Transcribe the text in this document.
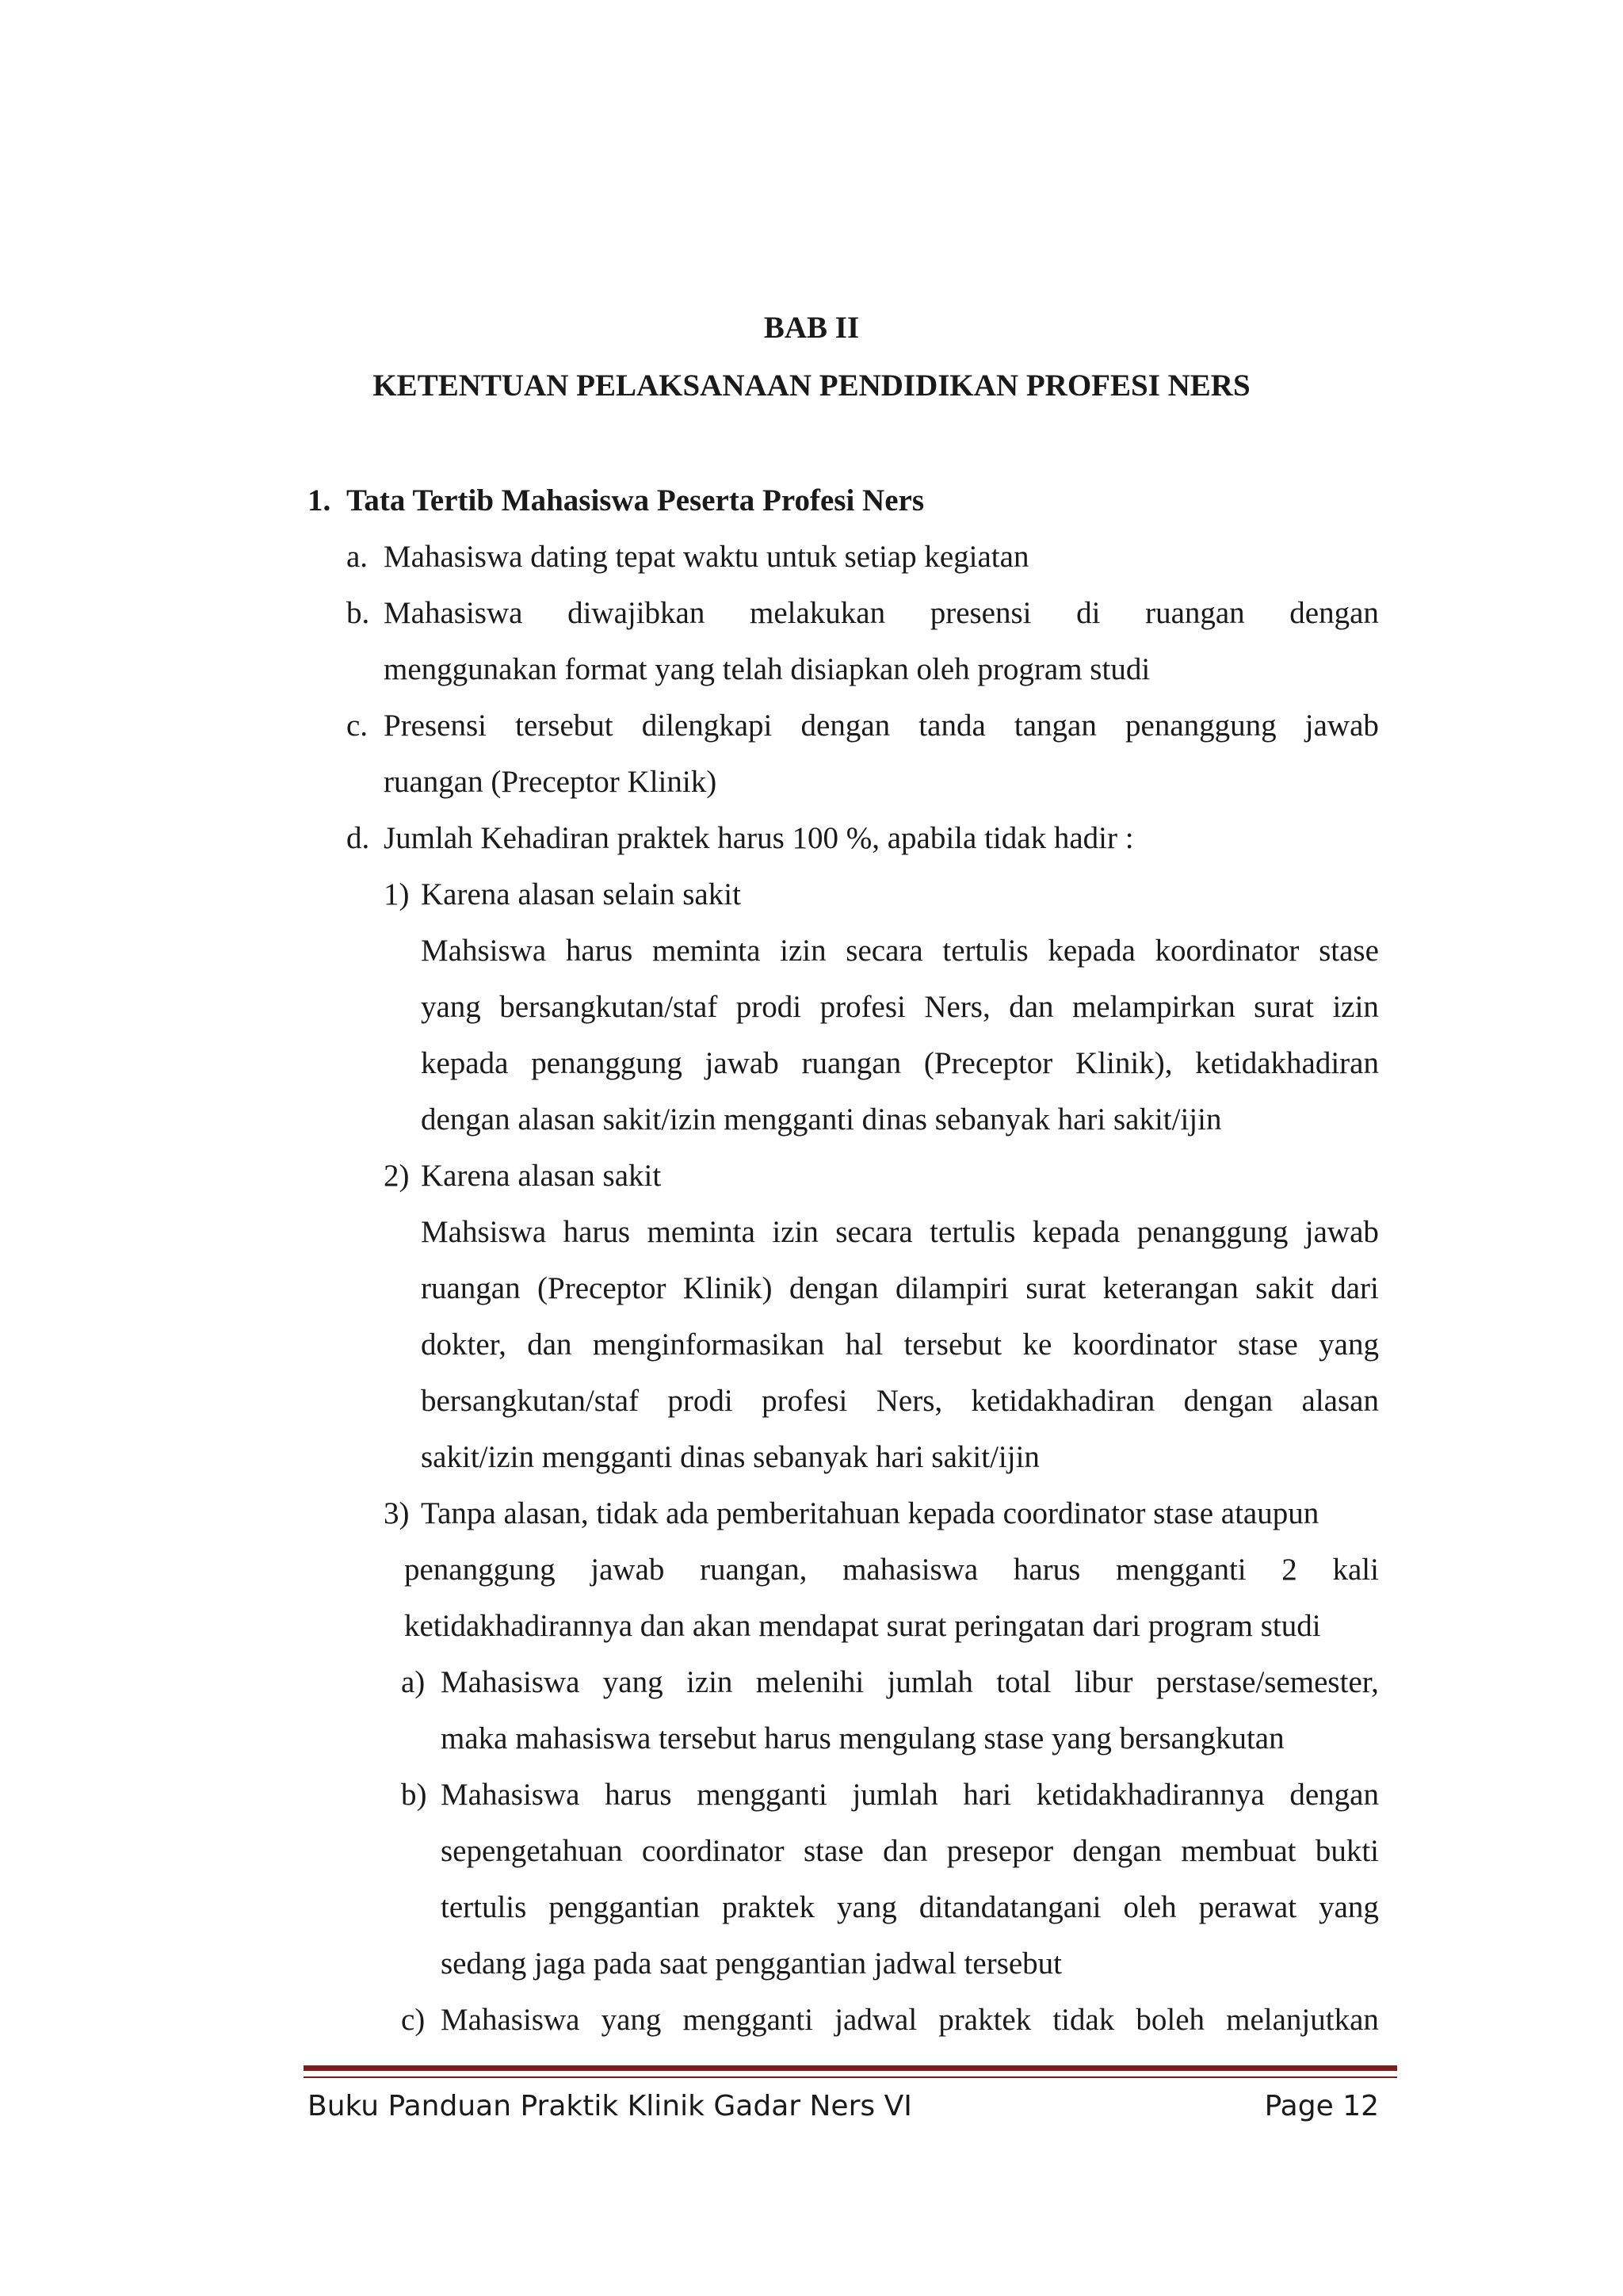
BAB II
KETENTUAN PELAKSANAAN PENDIDIKAN PROFESI NERS
1. Tata Tertib Mahasiswa Peserta Profesi Ners
a. Mahasiswa dating tepat waktu untuk setiap kegiatan
b. Mahasiswa diwajibkan melakukan presensi di ruangan dengan
menggunakan format yang telah disiapkan oleh program studi
c. Presensi tersebut dilengkapi dengan tanda tangan penanggung jawab
ruangan (Preceptor Klinik)
d. Jumlah Kehadiran praktek harus 100 %, apabila tidak hadir :
1) Karena alasan selain sakit
Mahsiswa harus meminta izin secara tertulis kepada koordinator stase
yang bersangkutan/staf prodi profesi Ners, dan melampirkan surat izin
kepada penanggung jawab ruangan (Preceptor Klinik), ketidakhadiran
dengan alasan sakit/izin mengganti dinas sebanyak hari sakit/ijin
2) Karena alasan sakit
Mahsiswa harus meminta izin secara tertulis kepada penanggung jawab
ruangan (Preceptor Klinik) dengan dilampiri surat keterangan sakit dari
dokter, dan menginformasikan hal tersebut ke koordinator stase yang
bersangkutan/staf prodi profesi Ners, ketidakhadiran dengan alasan
sakit/izin mengganti dinas sebanyak hari sakit/ijin
3) Tanpa alasan, tidak ada pemberitahuan kepada coordinator stase ataupun
penanggung jawab ruangan, mahasiswa harus mengganti 2 kali
ketidakhadirannya dan akan mendapat surat peringatan dari program studi
a) Mahasiswa yang izin melenihi jumlah total libur perstase/semester,
maka mahasiswa tersebut harus mengulang stase yang bersangkutan
b) Mahasiswa harus mengganti jumlah hari ketidakhadirannya dengan
sepengetahuan coordinator stase dan presepor dengan membuat bukti
tertulis penggantian praktek yang ditandatangani oleh perawat yang
sedang jaga pada saat penggantian jadwal tersebut
c) Mahasiswa yang mengganti jadwal praktek tidak boleh melanjutkan
Buku Panduan Praktik Klinik Gadar Ners VI	Page 12
